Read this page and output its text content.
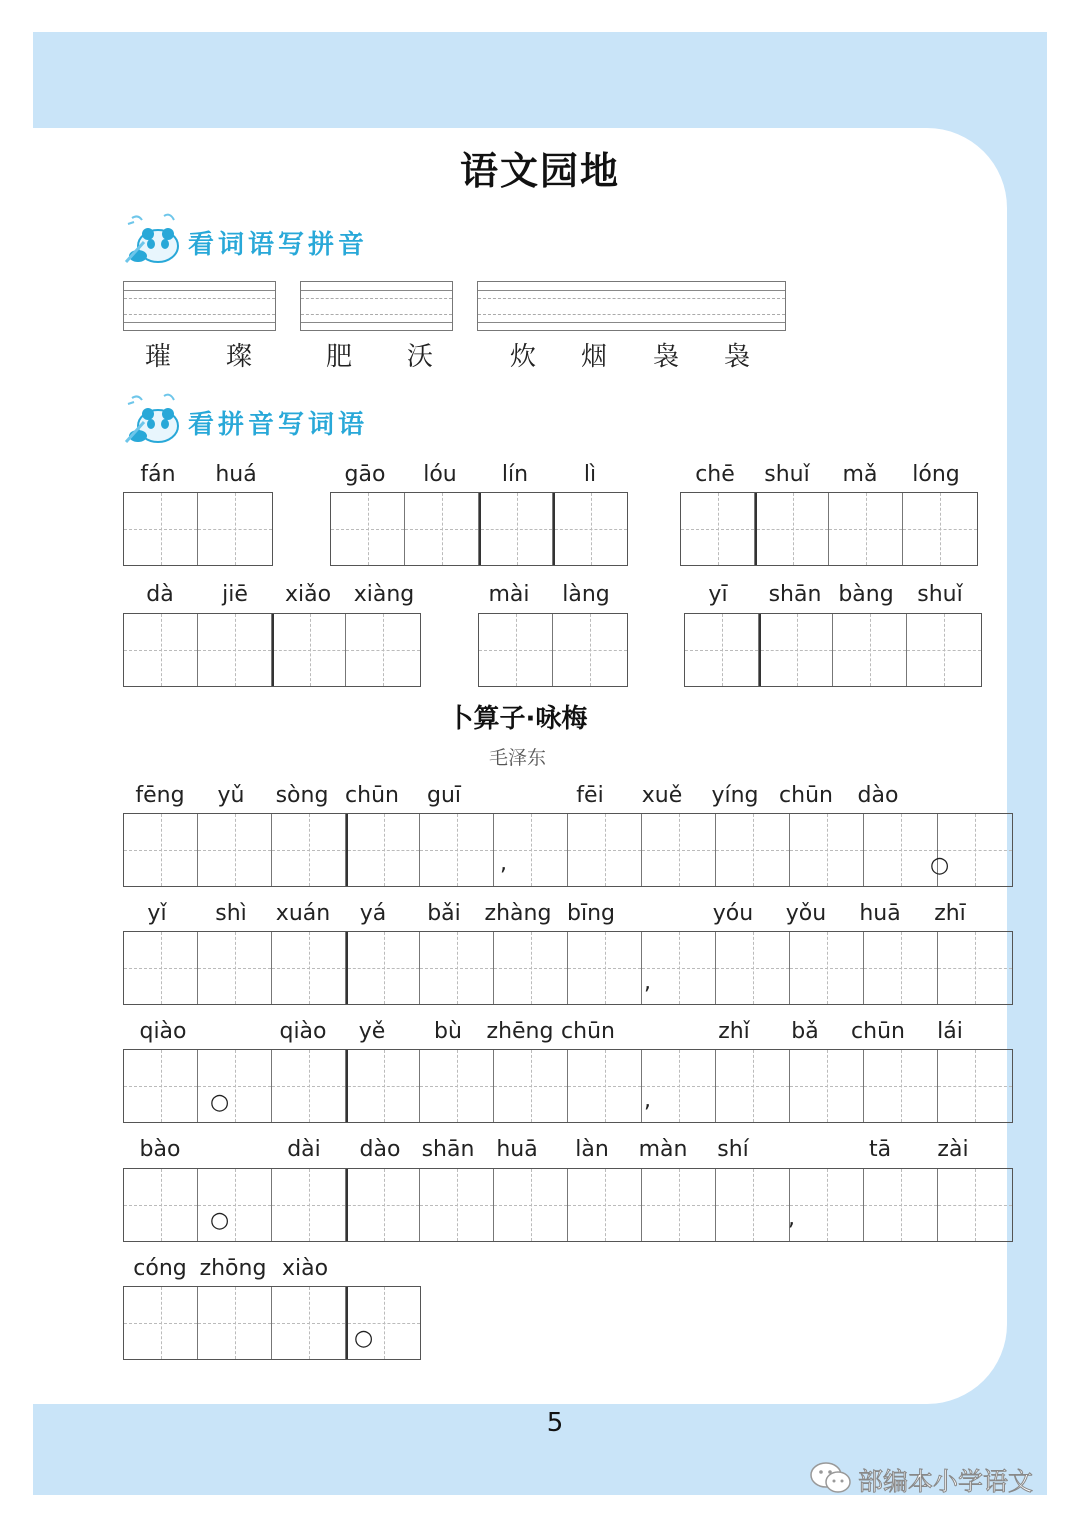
语文园地
看词语写拼音
璀 璨	肥 沃	炊 烟 袅 袅
看拼音写词语
fán	huá	gāo	lóu	lín	lì	chē	shuǐ	mǎ	lóng
dà	jiē	xiǎo	xiàng	mài	làng	yī	shān bàng	shuǐ
卜算子·咏梅
毛泽东
fēng	yǔ	sòng chūn	guī	fēi	xuě	yíng chūn	dào
,	○
yǐ	shì	xuán	yá	bǎi	zhàng bīng	yóu	yǒu	huā	zhī
,
qiào	qiào	yě	bù	zhēng chūn	zhǐ	bǎ	chūn	lái
○	,
bào	dài	dào shān huā	làn	màn	shí	tā	zài
○	,
cóng zhōng xiào
○
5
部编本小学语文
